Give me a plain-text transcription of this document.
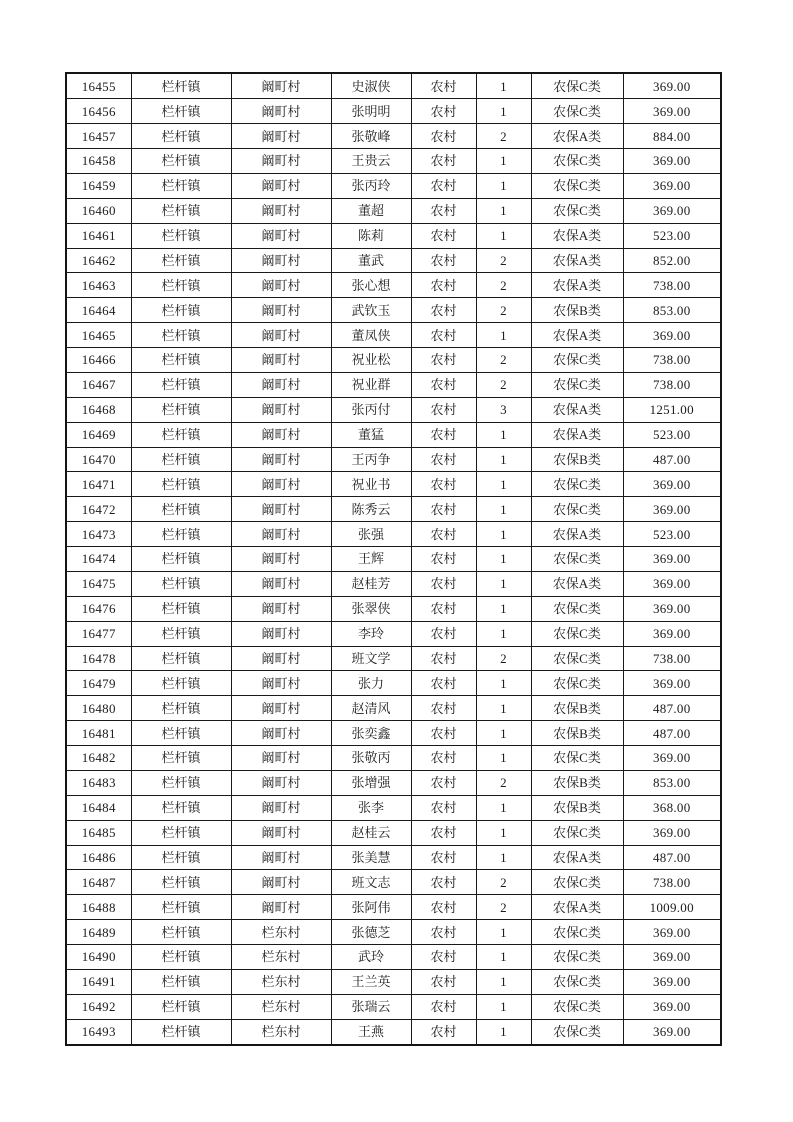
16455	栏杆镇	阚町村	史淑侠	农村	1	农保C类	369.00
16456	栏杆镇	阚町村	张明明	农村	1	农保C类	369.00
16457	栏杆镇	阚町村	张敬峰	农村	2	农保A类	884.00
16458	栏杆镇	阚町村	王贵云	农村	1	农保C类	369.00
16459	栏杆镇	阚町村	张丙玲	农村	1	农保C类	369.00
16460	栏杆镇	阚町村	董超	农村	1	农保C类	369.00
16461	栏杆镇	阚町村	陈莉	农村	1	农保A类	523.00
16462	栏杆镇	阚町村	董武	农村	2	农保A类	852.00
16463	栏杆镇	阚町村	张心想	农村	2	农保A类	738.00
16464	栏杆镇	阚町村	武钦玉	农村	2	农保B类	853.00
16465	栏杆镇	阚町村	董凤侠	农村	1	农保A类	369.00
16466	栏杆镇	阚町村	祝业松	农村	2	农保C类	738.00
16467	栏杆镇	阚町村	祝业群	农村	2	农保C类	738.00
16468	栏杆镇	阚町村	张丙付	农村	3	农保A类	1251.00
16469	栏杆镇	阚町村	董猛	农村	1	农保A类	523.00
16470	栏杆镇	阚町村	王丙争	农村	1	农保B类	487.00
16471	栏杆镇	阚町村	祝业书	农村	1	农保C类	369.00
16472	栏杆镇	阚町村	陈秀云	农村	1	农保C类	369.00
16473	栏杆镇	阚町村	张强	农村	1	农保A类	523.00
16474	栏杆镇	阚町村	王辉	农村	1	农保C类	369.00
16475	栏杆镇	阚町村	赵桂芳	农村	1	农保A类	369.00
16476	栏杆镇	阚町村	张翠侠	农村	1	农保C类	369.00
16477	栏杆镇	阚町村	李玲	农村	1	农保C类	369.00
16478	栏杆镇	阚町村	班文学	农村	2	农保C类	738.00
16479	栏杆镇	阚町村	张力	农村	1	农保C类	369.00
16480	栏杆镇	阚町村	赵清风	农村	1	农保B类	487.00
16481	栏杆镇	阚町村	张奕鑫	农村	1	农保B类	487.00
16482	栏杆镇	阚町村	张敬丙	农村	1	农保C类	369.00
16483	栏杆镇	阚町村	张增强	农村	2	农保B类	853.00
16484	栏杆镇	阚町村	张李	农村	1	农保B类	368.00
16485	栏杆镇	阚町村	赵桂云	农村	1	农保C类	369.00
16486	栏杆镇	阚町村	张美慧	农村	1	农保A类	487.00
16487	栏杆镇	阚町村	班文志	农村	2	农保C类	738.00
16488	栏杆镇	阚町村	张阿伟	农村	2	农保A类	1009.00
16489	栏杆镇	栏东村	张德芝	农村	1	农保C类	369.00
16490	栏杆镇	栏东村	武玲	农村	1	农保C类	369.00
16491	栏杆镇	栏东村	王兰英	农村	1	农保C类	369.00
16492	栏杆镇	栏东村	张瑞云	农村	1	农保C类	369.00
16493	栏杆镇	栏东村	王燕	农村	1	农保C类	369.00
